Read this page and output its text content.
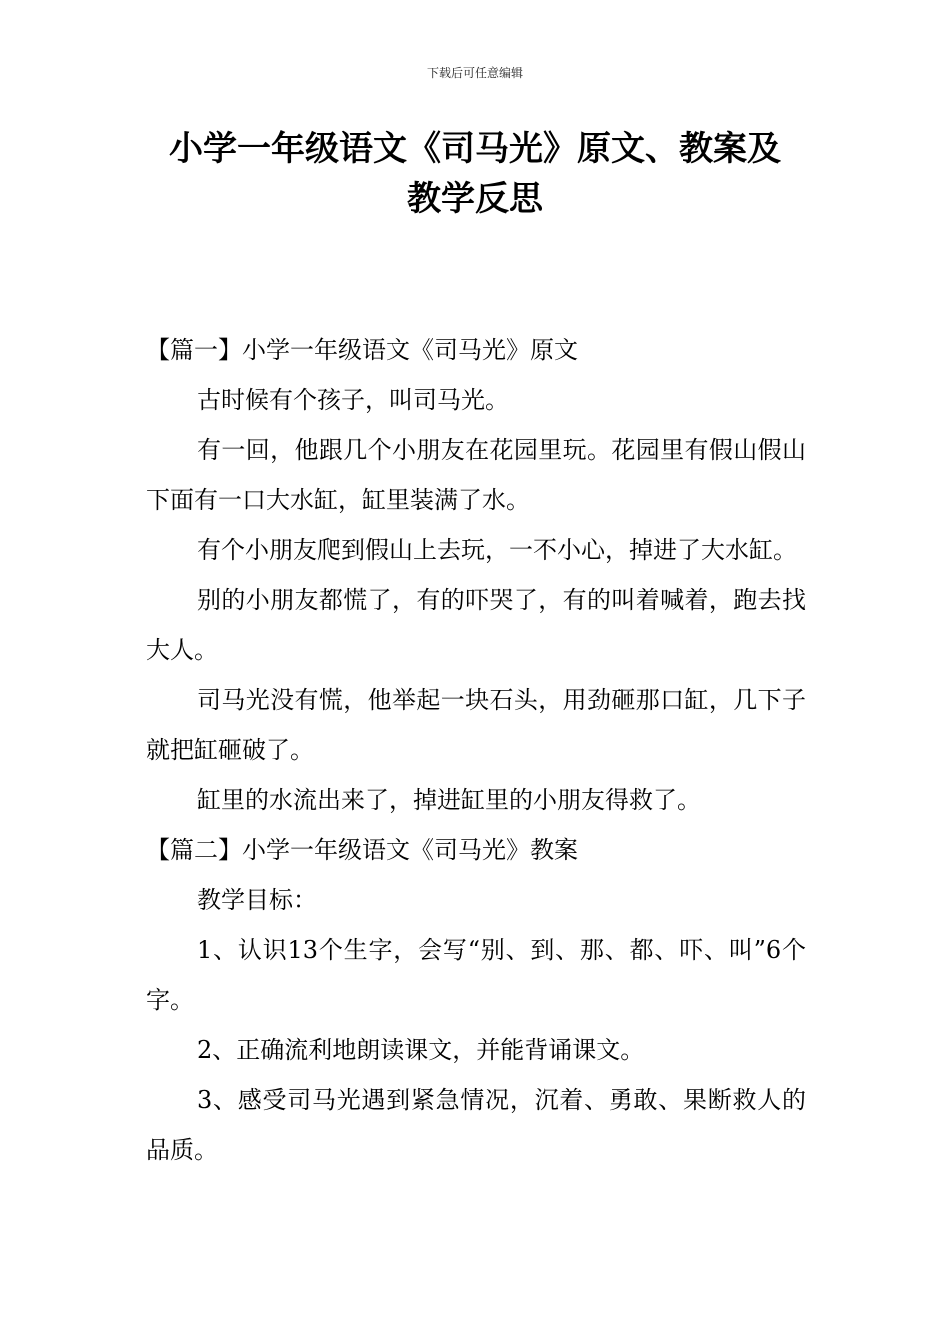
下载后可任意编辑
小学一年级语文《司马光》原文、教案及
教学反思

【篇一】小学一年级语文《司马光》原文

古时候有个孩子，叫司马光。

有一回，他跟几个小朋友在花园里玩。花园里有假山假山下面有一口大水缸，缸里装满了水。

有个小朋友爬到假山上去玩，一不小心，掉进了大水缸。

别的小朋友都慌了，有的吓哭了，有的叫着喊着，跑去找大人。

司马光没有慌，他举起一块石头，用劲砸那口缸，几下子就把缸砸破了。

缸里的水流出来了，掉进缸里的小朋友得救了。

【篇二】小学一年级语文《司马光》教案

教学目标：

1、认识13个生字，会写“别、到、那、都、吓、叫”6个字。

2、正确流利地朗读课文，并能背诵课文。

3、感受司马光遇到紧急情况，沉着、勇敢、果断救人的品质。
